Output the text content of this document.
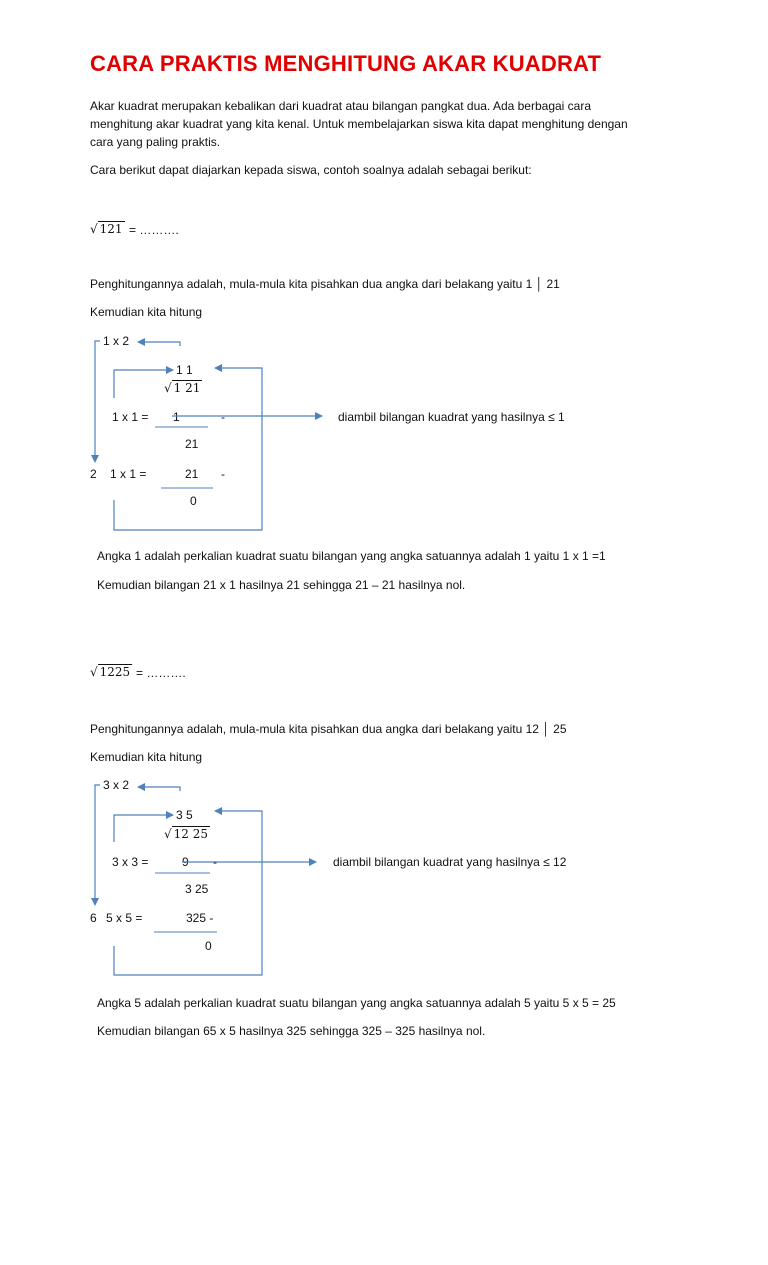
CARA PRAKTIS MENGHITUNG AKAR KUADRAT
Akar kuadrat merupakan kebalikan dari kuadrat atau bilangan pangkat dua. Ada berbagai cara
menghitung akar kuadrat yang kita kenal. Untuk membelajarkan siswa kita dapat menghitung dengan
cara yang paling praktis.
Cara berikut dapat diajarkan kepada siswa, contoh soalnya adalah sebagai berikut:
√ 121 = ……….
Penghitungannya adalah, mula-mula kita pisahkan dua angka dari belakang yaitu 1 │ 21
Kemudian kita hitung
1 x 2
1 1
√ 1 21
1 x 1 = 1	-	diambil bilangan kuadrat yang hasilnya ≤ 1
21
2 1 x 1 =	21 -
0
Angka 1 adalah perkalian kuadrat suatu bilangan yang angka satuannya adalah 1 yaitu 1 x 1 =1
Kemudian bilangan 21 x 1 hasilnya 21 sehingga 21 – 21 hasilnya nol.
√ 1225 = ……….
Penghitungannya adalah, mula-mula kita pisahkan dua angka dari belakang yaitu 12 │ 25
Kemudian kita hitung
3 x 2
3 5
√ 12 25
3 x 3 =	9 -	diambil bilangan kuadrat yang hasilnya ≤ 12
3 25
6 5 x 5 =	325 -
0
Angka 5 adalah perkalian kuadrat suatu bilangan yang angka satuannya adalah 5 yaitu 5 x 5 = 25
Kemudian bilangan 65 x 5 hasilnya 325 sehingga 325 – 325 hasilnya nol.
